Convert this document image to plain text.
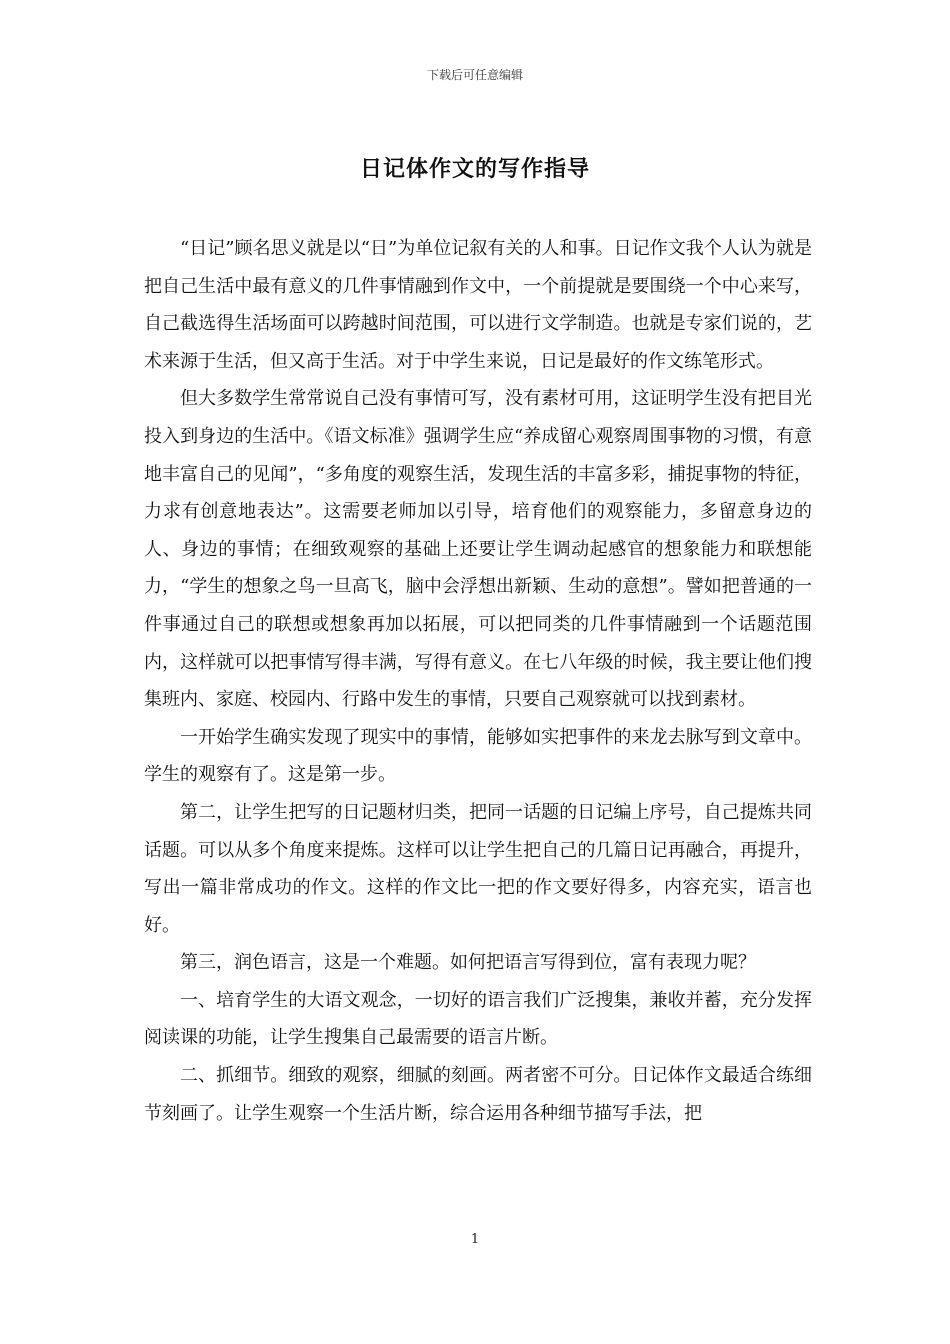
下载后可任意编辑
日记体作文的写作指导

“日记”顾名思义就是以“日”为单位记叙有关的人和事。日记作文我个人认为就是把自己生活中最有意义的几件事情融到作文中，一个前提就是要围绕一个中心来写，自己截选得生活场面可以跨越时间范围，可以进行文学制造。也就是专家们说的，艺术来源于生活，但又高于生活。对于中学生来说，日记是最好的作文练笔形式。

但大多数学生常常说自己没有事情可写，没有素材可用，这证明学生没有把目光投入到身边的生活中。《语文标准》强调学生应“养成留心观察周围事物的习惯，有意地丰富自己的见闻”，“多角度的观察生活，发现生活的丰富多彩，捕捉事物的特征，力求有创意地表达”。这需要老师加以引导，培育他们的观察能力，多留意身边的人、身边的事情；在细致观察的基础上还要让学生调动起感官的想象能力和联想能力，“学生的想象之鸟一旦高飞，脑中会浮想出新颖、生动的意想”。譬如把普通的一件事通过自己的联想或想象再加以拓展，可以把同类的几件事情融到一个话题范围内，这样就可以把事情写得丰满，写得有意义。在七八年级的时候，我主要让他们搜集班内、家庭、校园内、行路中发生的事情，只要自己观察就可以找到素材。

一开始学生确实发现了现实中的事情，能够如实把事件的来龙去脉写到文章中。学生的观察有了。这是第一步。

第二，让学生把写的日记题材归类，把同一话题的日记编上序号，自己提炼共同话题。可以从多个角度来提炼。这样可以让学生把自己的几篇日记再融合，再提升，写出一篇非常成功的作文。这样的作文比一把的作文要好得多，内容充实，语言也好。

第三，润色语言，这是一个难题。如何把语言写得到位，富有表现力呢？

一、培育学生的大语文观念，一切好的语言我们广泛搜集，兼收并蓄，充分发挥阅读课的功能，让学生搜集自己最需要的语言片断。

二、抓细节。细致的观察，细腻的刻画。两者密不可分。日记体作文最适合练细节刻画了。让学生观察一个生活片断，综合运用各种细节描写手法，把

1
